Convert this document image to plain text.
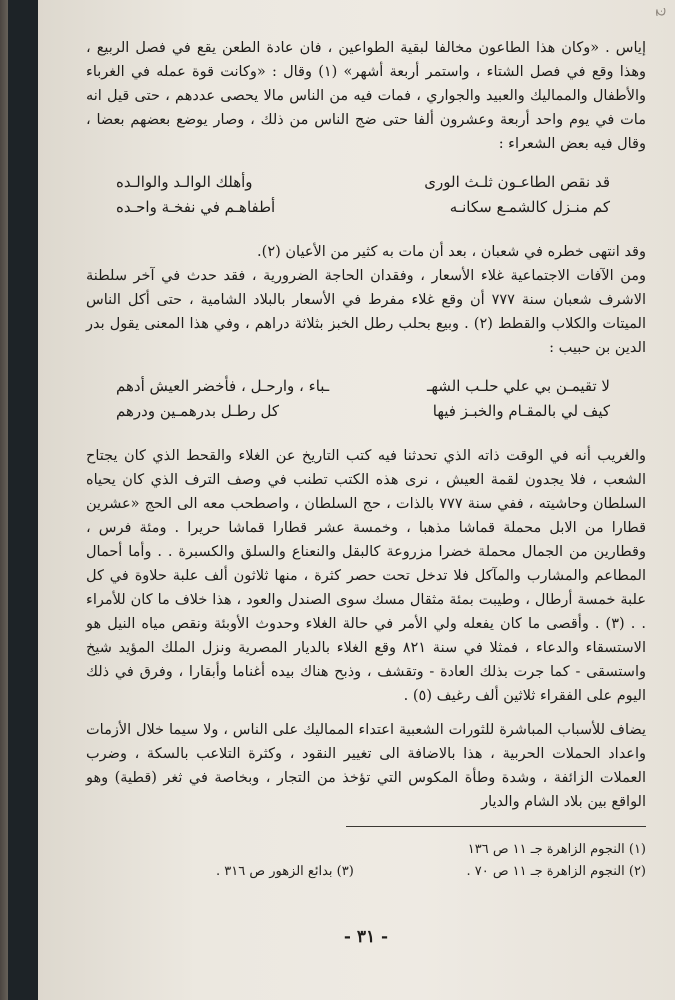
ج

إياس . «وكان هذا الطاعون مخالفا لبقية الطواعين ، فان عادة الطعن يقع في فصل الربيع ، وهذا وقع في فصل الشتاء ، واستمر أربعة أشهر» (١) وقال : «وكانت قوة عمله في الغرباء والأطفال والمماليك والعبيد والجواري ، فمات فيه من الناس مالا يحصى عددهم ، حتى قيل انه مات في يوم واحد أربعة وعشرون ألفا حتى ضج الناس من ذلك ، وصار يوضع بعضهم بعضا ، وقال فيه بعض الشعراء :

قد نقص الطاعـون ثلـث الورى
وأهلك الوالـد والوالـده
كم منـزل كالشمـع سكانـه
أطفاهـم في نفخـة واحـده

وقد انتهى خطره في شعبان ، بعد أن مات به كثير من الأعيان (٢).

ومن الآفات الاجتماعية غلاء الأسعار ، وفقدان الحاجة الضرورية ، فقد حدث في آخر سلطنة الاشرف شعبان سنة ٧٧٧ أن وقع غلاء مفرط في الأسعار بالبلاد الشامية ، حتى أكل الناس الميتات والكلاب والقطط (٢) . وبيع بحلب رطل الخبز بثلاثة دراهم ، وفي هذا المعنى يقول بدر الدين بن حبيب :

لا تقيمـن بي علي حلـب الشهـ
ـباء ، وارحـل ، فأخضر العيش أدهم
كيف لي بالمقـام والخبـز فيها
كل رطـل بدرهمـين ودرهم

والغريب أنه في الوقت ذاته الذي تحدثنا فيه كتب التاريخ عن الغلاء والقحط الذي كان يجتاح الشعب ، فلا يجدون لقمة العيش ، نرى هذه الكتب تطنب في وصف الترف الذي كان يحياه السلطان وحاشيته ، ففي سنة ٧٧٧ بالذات ، حج السلطان ، واصطحب معه الى الحج «عشرين قطارا من الابل محملة قماشا مذهبا ، وخمسة عشر قطارا قماشا حريرا . ومئة فرس ، وقطارين من الجمال محملة خضرا مزروعة كالبقل والنعناع والسلق والكسبرة . . وأما أحمال المطاعم والمشارب والمآكل فلا تدخل تحت حصر كثرة ، منها ثلاثون ألف علبة حلاوة في كل علبة خمسة أرطال ، وطيبت بمئة مثقال مسك سوى الصندل والعود ، هذا خلاف ما كان للأمراء . . (٣) . وأقصى ما كان يفعله ولي الأمر في حالة الغلاء وحدوث الأوبئة ونقص مياه النيل هو الاستسقاء والدعاء ، فمثلا في سنة ٨٢١ وقع الغلاء بالديار المصرية ونزل الملك المؤيد شيخ واستسقى - كما جرت بذلك العادة - وتقشف ، وذبح هناك بيده أغناما وأبقارا ، وفرق في ذلك اليوم على الفقراء ثلاثين ألف رغيف (٥) .

يضاف للأسباب المباشرة للثورات الشعبية اعتداء المماليك على الناس ، ولا سيما خلال الأزمات واعداد الحملات الحربية ، هذا بالاضافة الى تغيير النقود ، وكثرة التلاعب بالسكة ، وضرب العملات الزائفة ، وشدة وطأة المكوس التي تؤخذ من التجار ، وبخاصة في ثغر (قطية) وهو الواقع بين بلاد الشام والديار

(١) النجوم الزاهرة جـ ١١ ص ١٣٦
(٢) النجوم الزاهرة جـ ١١ ص ٧٠ .
(٣) بدائع الزهور ص ٣١٦ .
- ٣١ -
